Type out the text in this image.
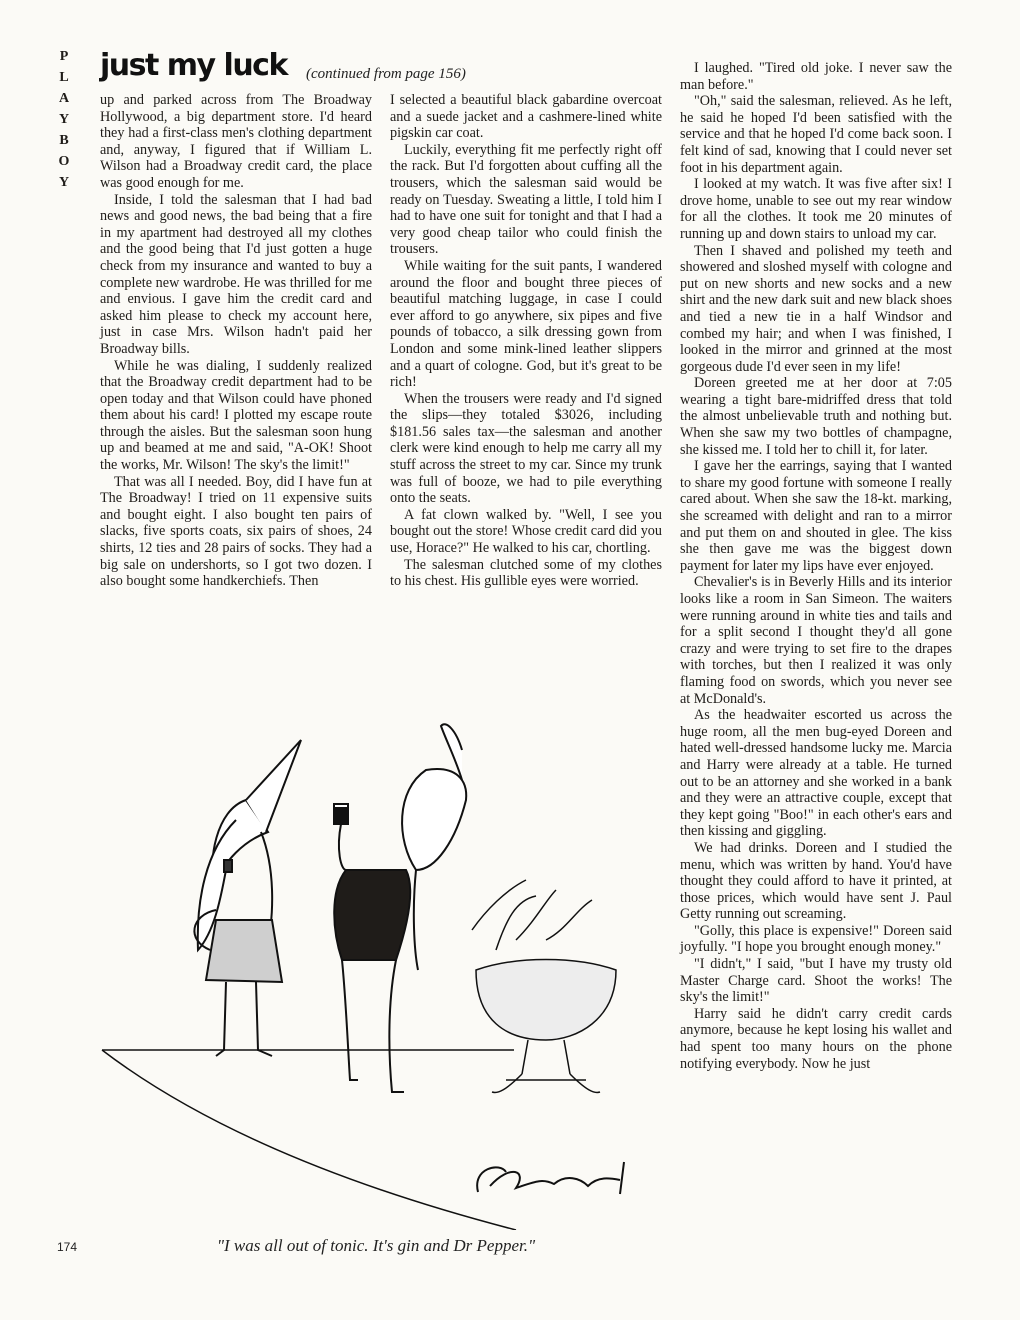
P
L
A
Y
B
O
Y
just my luck (continued from page 156)

up and parked across from The Broadway Hollywood, a big department store. I'd heard they had a first-class men's clothing department and, anyway, I figured that if William L. Wilson had a Broadway credit card, the place was good enough for me.

Inside, I told the salesman that I had bad news and good news, the bad being that a fire in my apartment had destroyed all my clothes and the good being that I'd just gotten a huge check from my insurance and wanted to buy a complete new wardrobe. He was thrilled for me and envious. I gave him the credit card and asked him please to check my account here, just in case Mrs. Wilson hadn't paid her Broadway bills.

While he was dialing, I suddenly realized that the Broadway credit department had to be open today and that Wilson could have phoned them about his card! I plotted my escape route through the aisles. But the salesman soon hung up and beamed at me and said, "A-OK! Shoot the works, Mr. Wilson! The sky's the limit!"

That was all I needed. Boy, did I have fun at The Broadway! I tried on 11 expensive suits and bought eight. I also bought ten pairs of slacks, five sports coats, six pairs of shoes, 24 shirts, 12 ties and 28 pairs of socks. They had a big sale on undershorts, so I got two dozen. I also bought some handkerchiefs. Then

I selected a beautiful black gabardine overcoat and a suede jacket and a cashmere-lined white pigskin car coat.

Luckily, everything fit me perfectly right off the rack. But I'd forgotten about cuffing all the trousers, which the salesman said would be ready on Tuesday. Sweating a little, I told him I had to have one suit for tonight and that I had a very good cheap tailor who could finish the trousers.

While waiting for the suit pants, I wandered around the floor and bought three pieces of beautiful matching luggage, in case I could ever afford to go anywhere, six pipes and five pounds of tobacco, a silk dressing gown from London and some mink-lined leather slippers and a quart of cologne. God, but it's great to be rich!

When the trousers were ready and I'd signed the slips—they totaled $3026, including $181.56 sales tax—the salesman and another clerk were kind enough to help me carry all my stuff across the street to my car. Since my trunk was full of booze, we had to pile everything onto the seats.

A fat clown walked by. "Well, I see you bought out the store! Whose credit card did you use, Horace?" He walked to his car, chortling.

The salesman clutched some of my clothes to his chest. His gullible eyes were worried.

I laughed. "Tired old joke. I never saw the man before."

"Oh," said the salesman, relieved. As he left, he said he hoped I'd been satisfied with the service and that he hoped I'd come back soon. I felt kind of sad, knowing that I could never set foot in his department again.

I looked at my watch. It was five after six! I drove home, unable to see out my rear window for all the clothes. It took me 20 minutes of running up and down stairs to unload my car.

Then I shaved and polished my teeth and showered and sloshed myself with cologne and put on new shorts and new socks and a new shirt and the new dark suit and new black shoes and tied a new tie in a half Windsor and combed my hair; and when I was finished, I looked in the mirror and grinned at the most gorgeous dude I'd ever seen in my life!

Doreen greeted me at her door at 7:05 wearing a tight bare-midriffed dress that told the almost unbelievable truth and nothing but. When she saw my two bottles of champagne, she kissed me. I told her to chill it, for later.

I gave her the earrings, saying that I wanted to share my good fortune with someone I really cared about. When she saw the 18-kt. marking, she screamed with delight and ran to a mirror and put them on and shouted in glee. The kiss she then gave me was the biggest down payment for later my lips have ever enjoyed.

Chevalier's is in Beverly Hills and its interior looks like a room in San Simeon. The waiters were running around in white ties and tails and for a split second I thought they'd all gone crazy and were trying to set fire to the drapes with torches, but then I realized it was only flaming food on swords, which you never see at McDonald's.

As the headwaiter escorted us across the huge room, all the men bug-eyed Doreen and hated well-dressed handsome lucky me. Marcia and Harry were already at a table. He turned out to be an attorney and she worked in a bank and they were an attractive couple, except that they kept going "Boo!" in each other's ears and then kissing and giggling.

We had drinks. Doreen and I studied the menu, which was written by hand. You'd have thought they could afford to have it printed, at those prices, which would have sent J. Paul Getty running out screaming.

"Golly, this place is expensive!" Doreen said joyfully. "I hope you brought enough money."

"I didn't," I said, "but I have my trusty old Master Charge card. Shoot the works! The sky's the limit!"

Harry said he didn't carry credit cards anymore, because he kept losing his wallet and had spent too many hours on the phone notifying everybody. Now he just

"I was all out of tonic. It's gin and Dr Pepper."
174
